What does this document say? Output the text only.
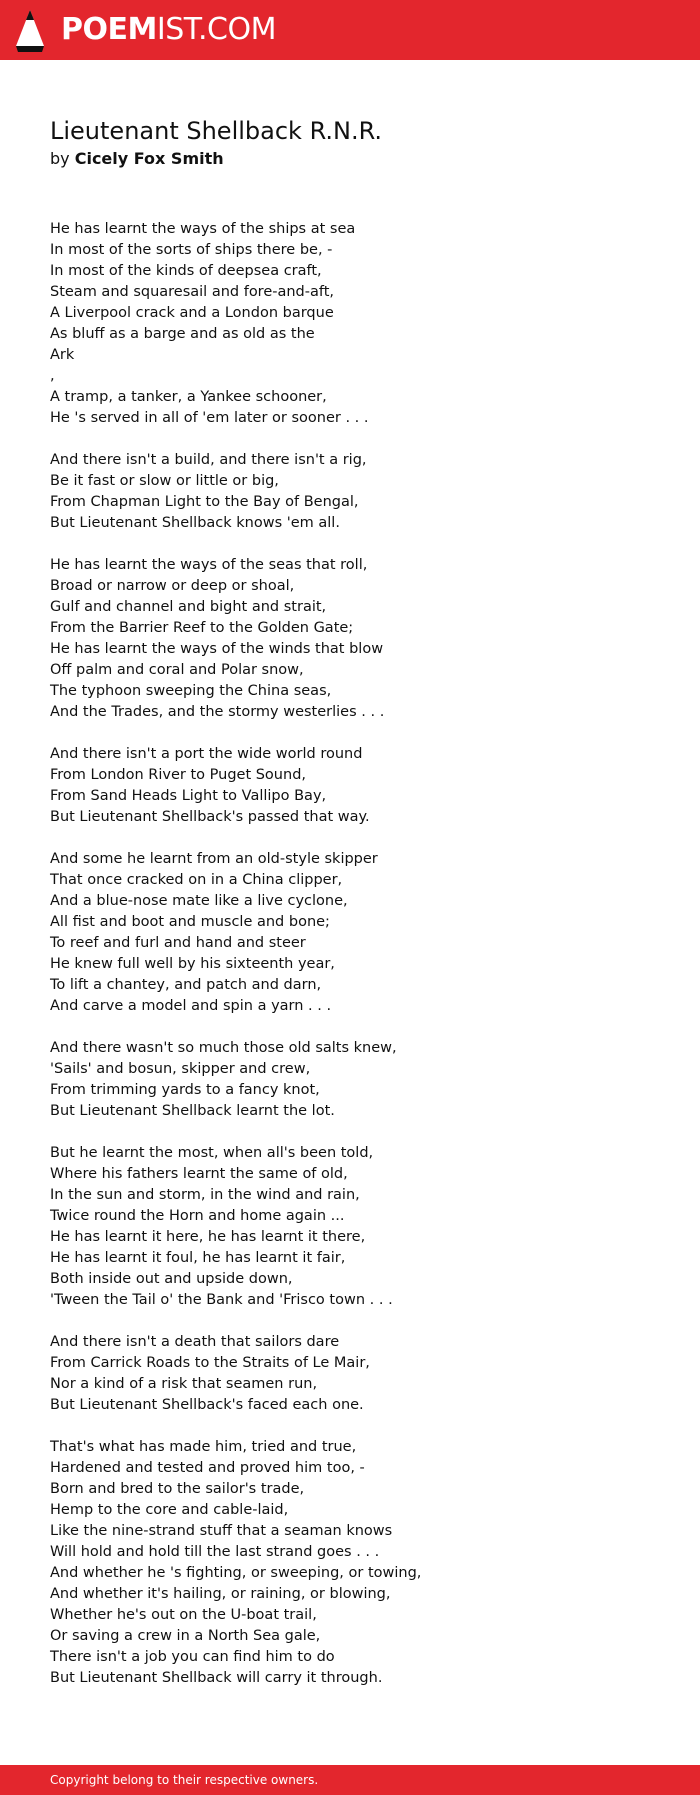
POEMIST.COM
Lieutenant Shellback R.N.R.
by Cicely Fox Smith
He has learnt the ways of the ships at sea
In most of the sorts of ships there be, -
In most of the kinds of deepsea craft,
Steam and squaresail and fore-and-aft,
A Liverpool crack and a London barque
As bluff as a barge and as old as the
Ark
,
A tramp, a tanker, a Yankee schooner,
He 's served in all of 'em later or sooner . . .
And there isn't a build, and there isn't a rig,
Be it fast or slow or little or big,
From Chapman Light to the Bay of Bengal,
But Lieutenant Shellback knows 'em all.
He has learnt the ways of the seas that roll,
Broad or narrow or deep or shoal,
Gulf and channel and bight and strait,
From the Barrier Reef to the Golden Gate;
He has learnt the ways of the winds that blow
Off palm and coral and Polar snow,
The typhoon sweeping the China seas,
And the Trades, and the stormy westerlies . . .
And there isn't a port the wide world round
From London River to Puget Sound,
From Sand Heads Light to Vallipo Bay,
But Lieutenant Shellback's passed that way.
And some he learnt from an old-style skipper
That once cracked on in a China clipper,
And a blue-nose mate like a live cyclone,
All fist and boot and muscle and bone;
To reef and furl and hand and steer
He knew full well by his sixteenth year,
To lift a chantey, and patch and darn,
And carve a model and spin a yarn . . .
And there wasn't so much those old salts knew,
'Sails' and bosun, skipper and crew,
From trimming yards to a fancy knot,
But Lieutenant Shellback learnt the lot.
But he learnt the most, when all's been told,
Where his fathers learnt the same of old,
In the sun and storm, in the wind and rain,
Twice round the Horn and home again ...
He has learnt it here, he has learnt it there,
He has learnt it foul, he has learnt it fair,
Both inside out and upside down,
'Tween the Tail o' the Bank and 'Frisco town . . .
And there isn't a death that sailors dare
From Carrick Roads to the Straits of Le Mair,
Nor a kind of a risk that seamen run,
But Lieutenant Shellback's faced each one.
That's what has made him, tried and true,
Hardened and tested and proved him too, -
Born and bred to the sailor's trade,
Hemp to the core and cable-laid,
Like the nine-strand stuff that a seaman knows
Will hold and hold till the last strand goes . . .
And whether he 's fighting, or sweeping, or towing,
And whether it's hailing, or raining, or blowing,
Whether he's out on the U-boat trail,
Or saving a crew in a North Sea gale,
There isn't a job you can find him to do
But Lieutenant Shellback will carry it through.
Copyright belong to their respective owners.
